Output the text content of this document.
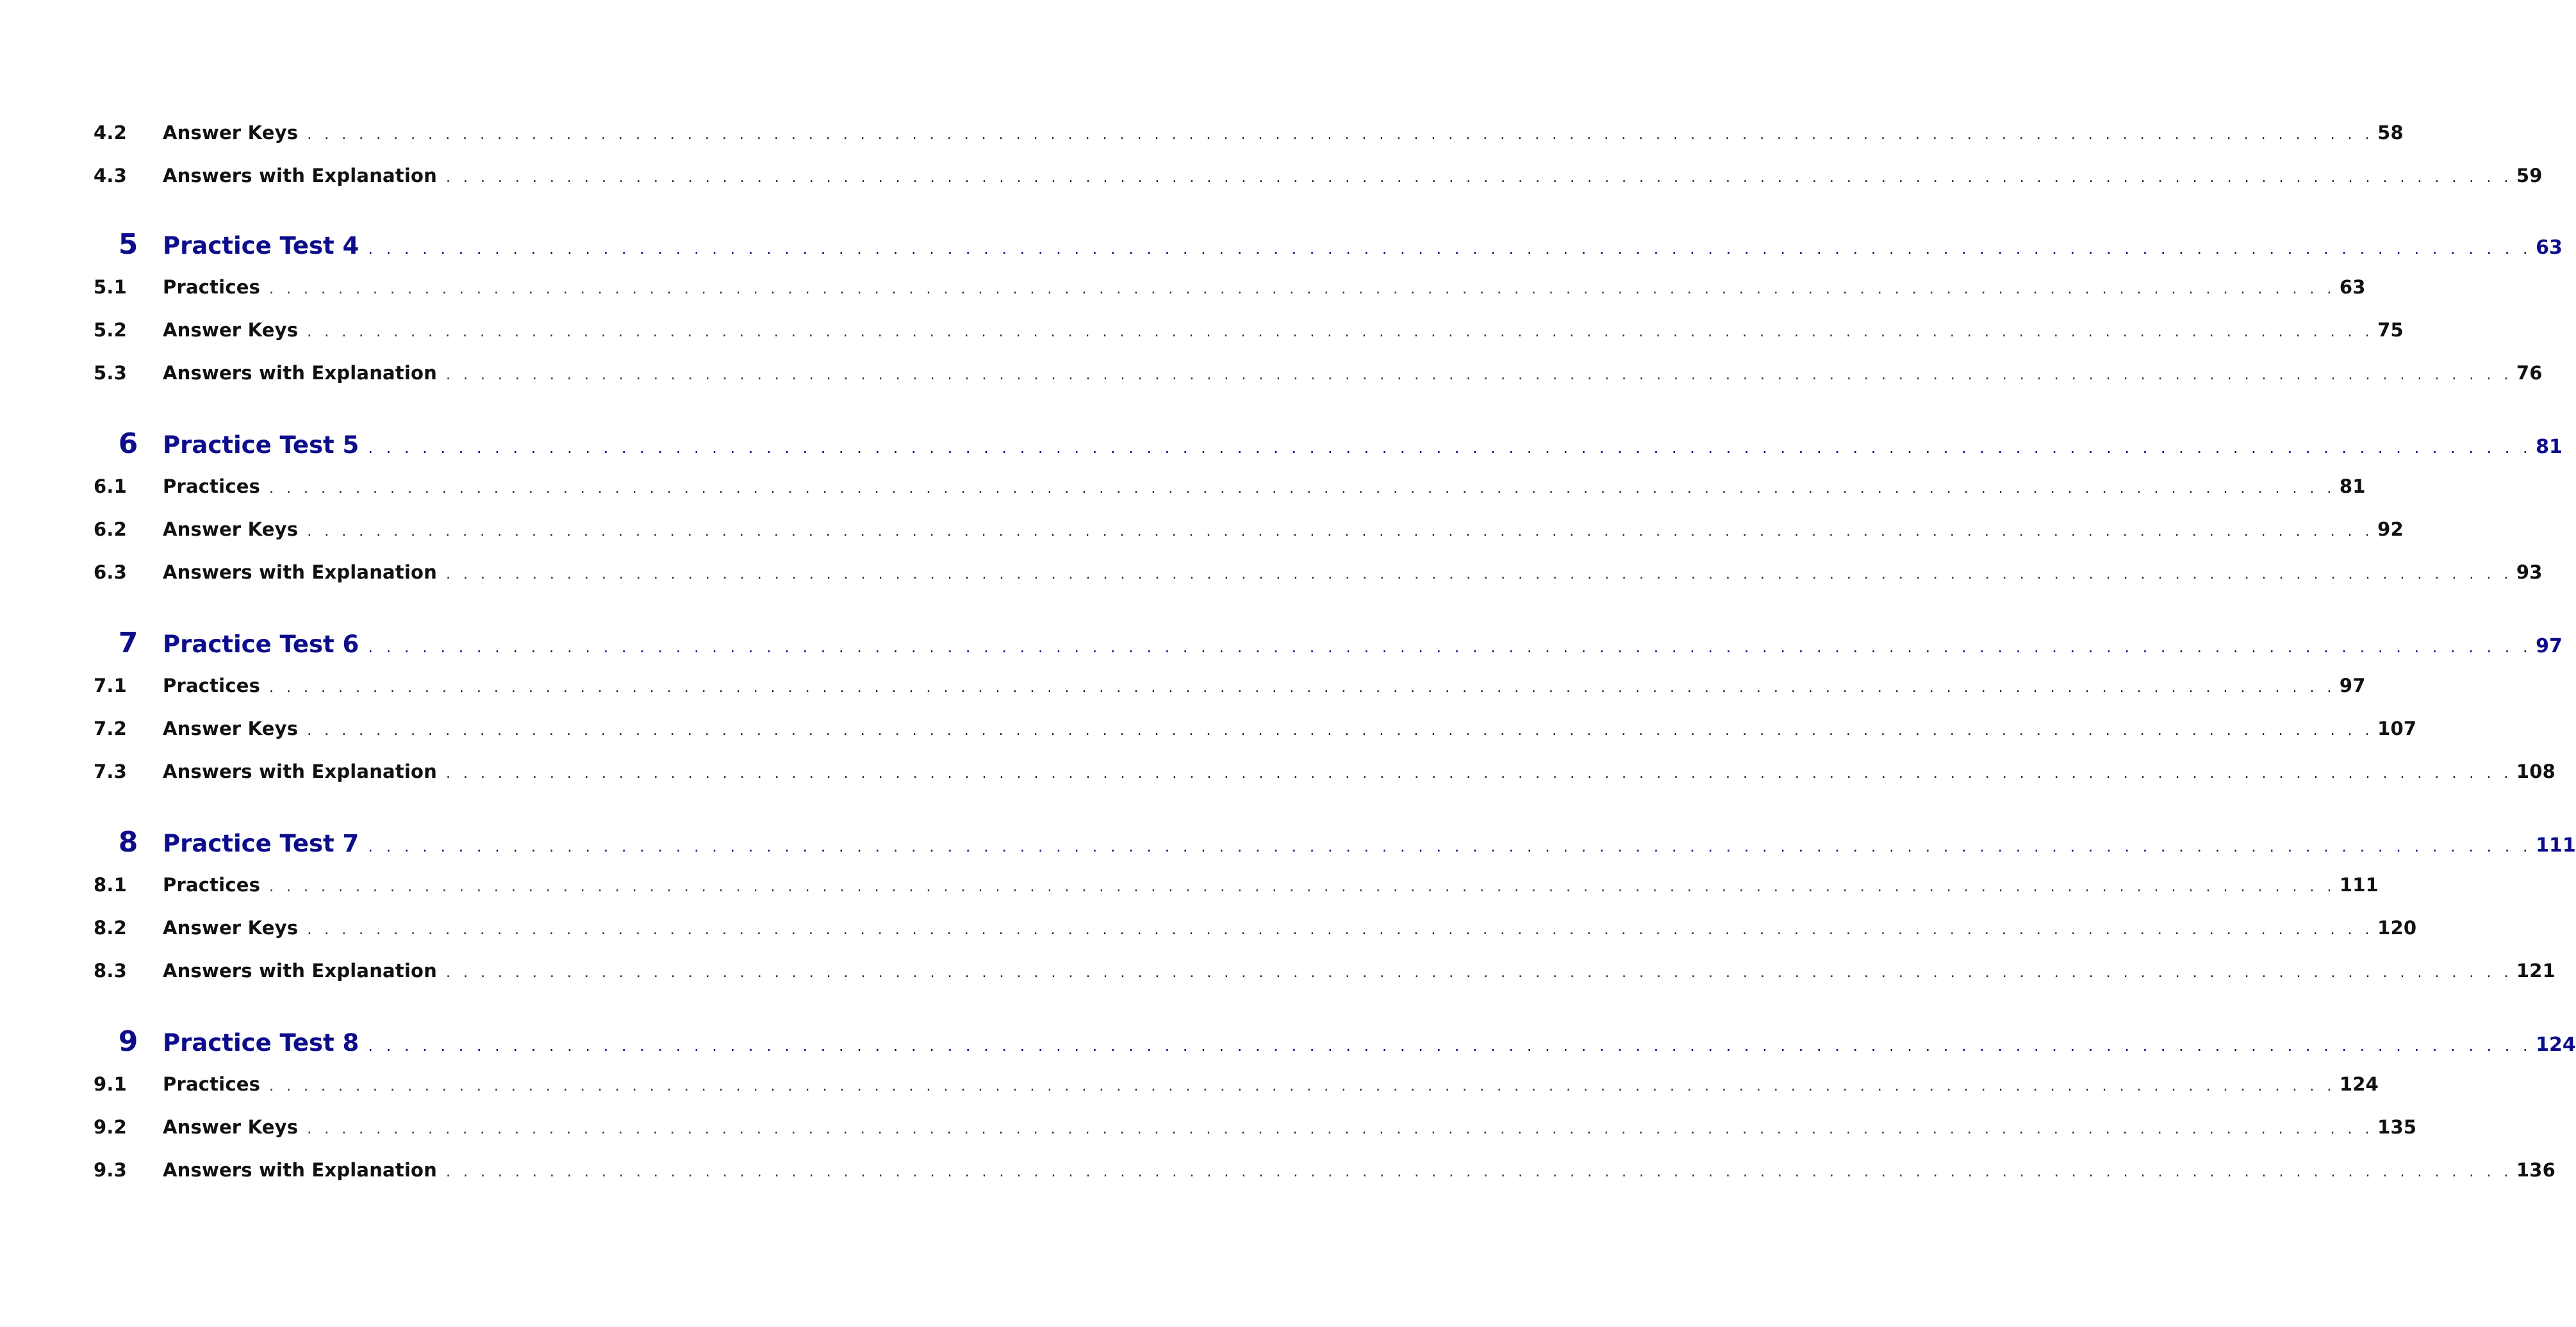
4.2	Answer Keys . . . . . . . . . . . . . . . . . . . . . . . . . . . . . . . . . . . . . . . . . . . . . . . . . . . . . . . . . . . . . . . . . . . . . . . . . . . . . . . . . . . . . . . . . . . . . . . . . . . . . . . . . . . . . . . . . . . . . . . . 58
4.3	Answers with Explanation . . . . . . . . . . . . . . . . . . . . . . . . . . . . . . . . . . . . . . . . . . . . . . . . . . . . . . . . . . . . . . . . . . . . . . . . . . . . . . . . . . . . . . . . . . . . . . . . . . . . . . . . . . . . . . . . . . . . . . . . 59
5	Practice Test 4 . . . . . . . . . . . . . . . . . . . . . . . . . . . . . . . . . . . . . . . . . . . . . . . . . . . . . . . . . . . . . . . . . . . . . . . . . . . . . . . . . . . . . . . . . . . . . . . . . . . . . . . . . . . . . . . . . . . . . . . . 63
5.1	Practices . . . . . . . . . . . . . . . . . . . . . . . . . . . . . . . . . . . . . . . . . . . . . . . . . . . . . . . . . . . . . . . . . . . . . . . . . . . . . . . . . . . . . . . . . . . . . . . . . . . . . . . . . . . . . . . . . . . . . . . . 63
5.2	Answer Keys . . . . . . . . . . . . . . . . . . . . . . . . . . . . . . . . . . . . . . . . . . . . . . . . . . . . . . . . . . . . . . . . . . . . . . . . . . . . . . . . . . . . . . . . . . . . . . . . . . . . . . . . . . . . . . . . . . . . . . . . 75
5.3	Answers with Explanation . . . . . . . . . . . . . . . . . . . . . . . . . . . . . . . . . . . . . . . . . . . . . . . . . . . . . . . . . . . . . . . . . . . . . . . . . . . . . . . . . . . . . . . . . . . . . . . . . . . . . . . . . . . . . . . . . . . . . . . . 76
6	Practice Test 5 . . . . . . . . . . . . . . . . . . . . . . . . . . . . . . . . . . . . . . . . . . . . . . . . . . . . . . . . . . . . . . . . . . . . . . . . . . . . . . . . . . . . . . . . . . . . . . . . . . . . . . . . . . . . . . . . . . . . . . . . 81
6.1	Practices . . . . . . . . . . . . . . . . . . . . . . . . . . . . . . . . . . . . . . . . . . . . . . . . . . . . . . . . . . . . . . . . . . . . . . . . . . . . . . . . . . . . . . . . . . . . . . . . . . . . . . . . . . . . . . . . . . . . . . . . 81
6.2	Answer Keys . . . . . . . . . . . . . . . . . . . . . . . . . . . . . . . . . . . . . . . . . . . . . . . . . . . . . . . . . . . . . . . . . . . . . . . . . . . . . . . . . . . . . . . . . . . . . . . . . . . . . . . . . . . . . . . . . . . . . . . . 92
6.3	Answers with Explanation . . . . . . . . . . . . . . . . . . . . . . . . . . . . . . . . . . . . . . . . . . . . . . . . . . . . . . . . . . . . . . . . . . . . . . . . . . . . . . . . . . . . . . . . . . . . . . . . . . . . . . . . . . . . . . . . . . . . . . . . 93
7	Practice Test 6 . . . . . . . . . . . . . . . . . . . . . . . . . . . . . . . . . . . . . . . . . . . . . . . . . . . . . . . . . . . . . . . . . . . . . . . . . . . . . . . . . . . . . . . . . . . . . . . . . . . . . . . . . . . . . . . . . . . . . . . . 97
7.1	Practices . . . . . . . . . . . . . . . . . . . . . . . . . . . . . . . . . . . . . . . . . . . . . . . . . . . . . . . . . . . . . . . . . . . . . . . . . . . . . . . . . . . . . . . . . . . . . . . . . . . . . . . . . . . . . . . . . . . . . . . . 97
7.2	Answer Keys . . . . . . . . . . . . . . . . . . . . . . . . . . . . . . . . . . . . . . . . . . . . . . . . . . . . . . . . . . . . . . . . . . . . . . . . . . . . . . . . . . . . . . . . . . . . . . . . . . . . . . . . . . . . . . . . . . . . . . . . 107
7.3	Answers with Explanation . . . . . . . . . . . . . . . . . . . . . . . . . . . . . . . . . . . . . . . . . . . . . . . . . . . . . . . . . . . . . . . . . . . . . . . . . . . . . . . . . . . . . . . . . . . . . . . . . . . . . . . . . . . . . . . . . . . . . . . . 108
8	Practice Test 7 . . . . . . . . . . . . . . . . . . . . . . . . . . . . . . . . . . . . . . . . . . . . . . . . . . . . . . . . . . . . . . . . . . . . . . . . . . . . . . . . . . . . . . . . . . . . . . . . . . . . . . . . . . . . . . . . . . . . . . . . 111
8.1	Practices . . . . . . . . . . . . . . . . . . . . . . . . . . . . . . . . . . . . . . . . . . . . . . . . . . . . . . . . . . . . . . . . . . . . . . . . . . . . . . . . . . . . . . . . . . . . . . . . . . . . . . . . . . . . . . . . . . . . . . . . 111
8.2	Answer Keys . . . . . . . . . . . . . . . . . . . . . . . . . . . . . . . . . . . . . . . . . . . . . . . . . . . . . . . . . . . . . . . . . . . . . . . . . . . . . . . . . . . . . . . . . . . . . . . . . . . . . . . . . . . . . . . . . . . . . . . . 120
8.3	Answers with Explanation . . . . . . . . . . . . . . . . . . . . . . . . . . . . . . . . . . . . . . . . . . . . . . . . . . . . . . . . . . . . . . . . . . . . . . . . . . . . . . . . . . . . . . . . . . . . . . . . . . . . . . . . . . . . . . . . . . . . . . . . 121
9	Practice Test 8 . . . . . . . . . . . . . . . . . . . . . . . . . . . . . . . . . . . . . . . . . . . . . . . . . . . . . . . . . . . . . . . . . . . . . . . . . . . . . . . . . . . . . . . . . . . . . . . . . . . . . . . . . . . . . . . . . . . . . . . . 124
9.1	Practices . . . . . . . . . . . . . . . . . . . . . . . . . . . . . . . . . . . . . . . . . . . . . . . . . . . . . . . . . . . . . . . . . . . . . . . . . . . . . . . . . . . . . . . . . . . . . . . . . . . . . . . . . . . . . . . . . . . . . . . . 124
9.2	Answer Keys . . . . . . . . . . . . . . . . . . . . . . . . . . . . . . . . . . . . . . . . . . . . . . . . . . . . . . . . . . . . . . . . . . . . . . . . . . . . . . . . . . . . . . . . . . . . . . . . . . . . . . . . . . . . . . . . . . . . . . . . 135
9.3	Answers with Explanation . . . . . . . . . . . . . . . . . . . . . . . . . . . . . . . . . . . . . . . . . . . . . . . . . . . . . . . . . . . . . . . . . . . . . . . . . . . . . . . . . . . . . . . . . . . . . . . . . . . . . . . . . . . . . . . . . . . . . . . . 136
